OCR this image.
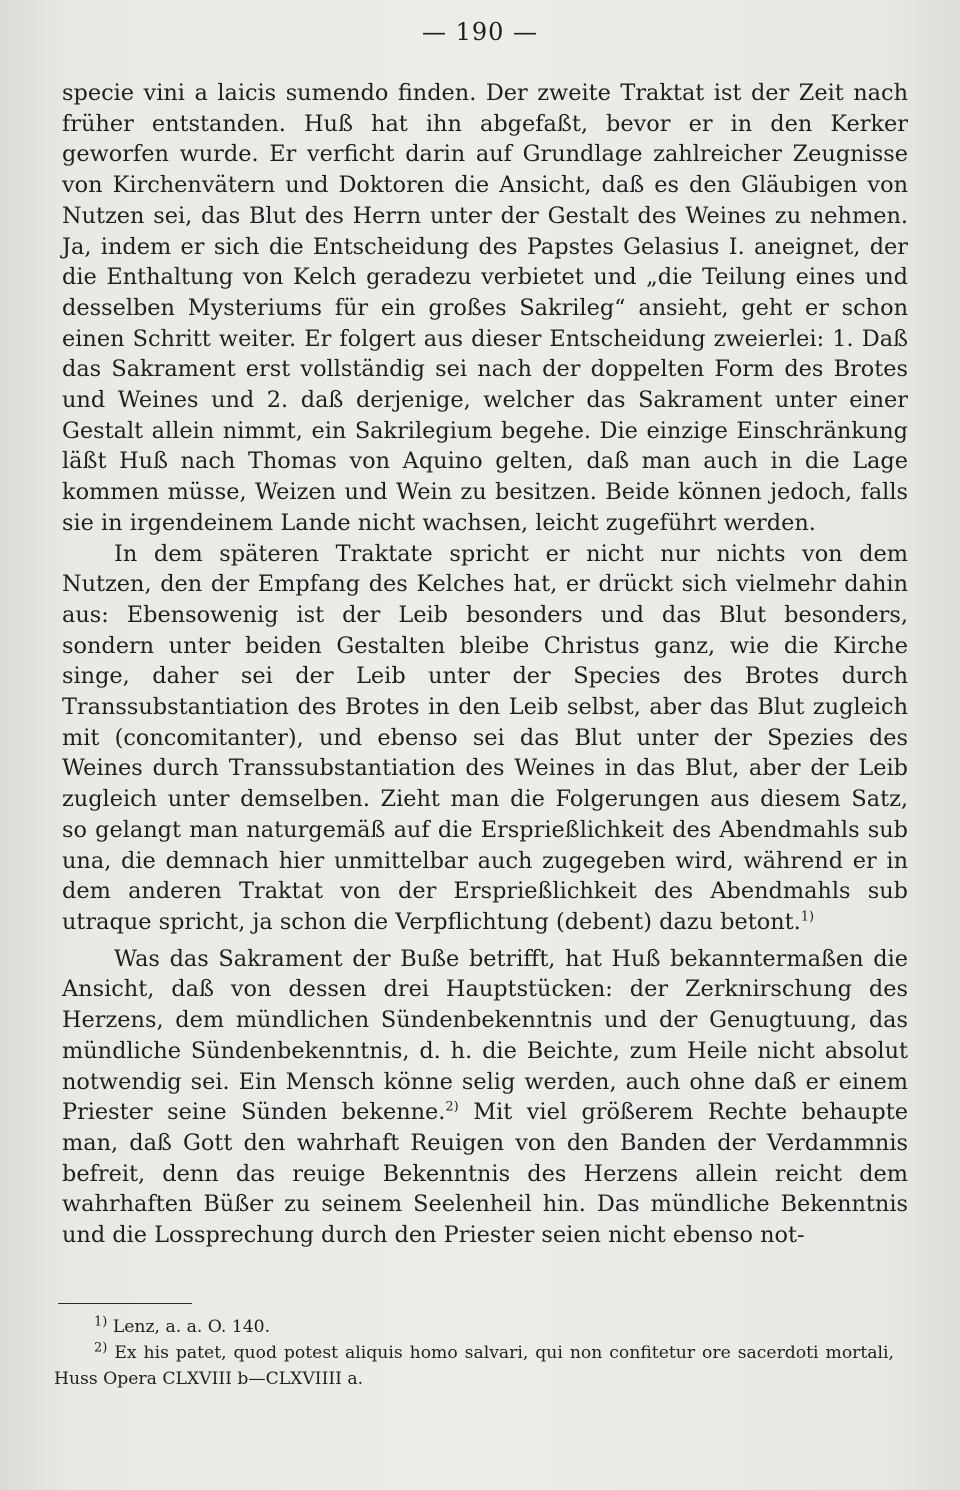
— 190 —

specie vini a laicis sumendo finden. Der zweite Traktat ist der Zeit nach früher entstanden. Huß hat ihn abgefaßt, bevor er in den Kerker geworfen wurde. Er verficht darin auf Grundlage zahlreicher Zeugnisse von Kirchenvätern und Doktoren die Ansicht, daß es den Gläubigen von Nutzen sei, das Blut des Herrn unter der Gestalt des Weines zu nehmen. Ja, indem er sich die Entscheidung des Papstes Gelasius I. aneignet, der die Enthaltung von Kelch geradezu verbietet und „die Teilung eines und desselben Mysteriums für ein großes Sakrileg“ ansieht, geht er schon einen Schritt weiter. Er folgert aus dieser Entscheidung zweierlei: 1. Daß das Sakrament erst vollständig sei nach der doppelten Form des Brotes und Weines und 2. daß derjenige, welcher das Sakrament unter einer Gestalt allein nimmt, ein Sakrilegium begehe. Die einzige Einschränkung läßt Huß nach Thomas von Aquino gelten, daß man auch in die Lage kommen müsse, Weizen und Wein zu besitzen. Beide können jedoch, falls sie in irgendeinem Lande nicht wachsen, leicht zugeführt werden.

In dem späteren Traktate spricht er nicht nur nichts von dem Nutzen, den der Empfang des Kelches hat, er drückt sich vielmehr dahin aus: Ebensowenig ist der Leib besonders und das Blut besonders, sondern unter beiden Gestalten bleibe Christus ganz, wie die Kirche singe, daher sei der Leib unter der Species des Brotes durch Transsubstantiation des Brotes in den Leib selbst, aber das Blut zugleich mit (concomitanter), und ebenso sei das Blut unter der Spezies des Weines durch Transsubstantiation des Weines in das Blut, aber der Leib zugleich unter demselben. Zieht man die Folgerungen aus diesem Satz, so gelangt man naturgemäß auf die Ersprießlichkeit des Abendmahls sub una, die demnach hier unmittelbar auch zugegeben wird, während er in dem anderen Traktat von der Ersprießlichkeit des Abendmahls sub utraque spricht, ja schon die Verpflichtung (debent) dazu betont.$^{1)}$

Was das Sakrament der Buße betrifft, hat Huß bekanntermaßen die Ansicht, daß von dessen drei Hauptstücken: der Zerknirschung des Herzens, dem mündlichen Sündenbekenntnis und der Genugtuung, das mündliche Sündenbekenntnis, d. h. die Beichte, zum Heile nicht absolut notwendig sei. Ein Mensch könne selig werden, auch ohne daß er einem Priester seine Sünden bekenne.$^{2)}$ Mit viel größerem Rechte behaupte man, daß Gott den wahrhaft Reuigen von den Banden der Verdammnis befreit, denn das reuige Bekenntnis des Herzens allein reicht dem wahrhaften Büßer zu seinem Seelenheil hin. Das mündliche Bekenntnis und die Lossprechung durch den Priester seien nicht ebenso not-

$^{1)}$ Lenz, a. a. O. 140.

$^{2)}$ Ex his patet, quod potest aliquis homo salvari, qui non confitetur ore sacerdoti mortali, Huss Opera CLXVIII b—CLXVIIII a.
